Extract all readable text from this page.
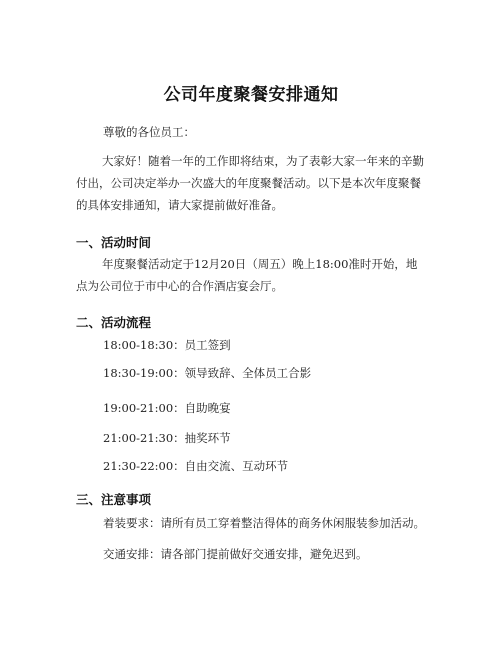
公司年度聚餐安排通知
尊敬的各位员工：
大家好！随着一年的工作即将结束，为了表彰大家一年来的辛勤付出，公司决定举办一次盛大的年度聚餐活动。以下是本次年度聚餐的具体安排通知，请大家提前做好准备。
一、活动时间
年度聚餐活动定于12月20日（周五）晚上18:00准时开始，地点为公司位于市中心的合作酒店宴会厅。
二、活动流程
18:00-18:30：员工签到
18:30-19:00：领导致辞、全体员工合影
19:00-21:00：自助晚宴
21:00-21:30：抽奖环节
21:30-22:00：自由交流、互动环节
三、注意事项
着装要求：请所有员工穿着整洁得体的商务休闲服装参加活动。
交通安排：请各部门提前做好交通安排，避免迟到。
